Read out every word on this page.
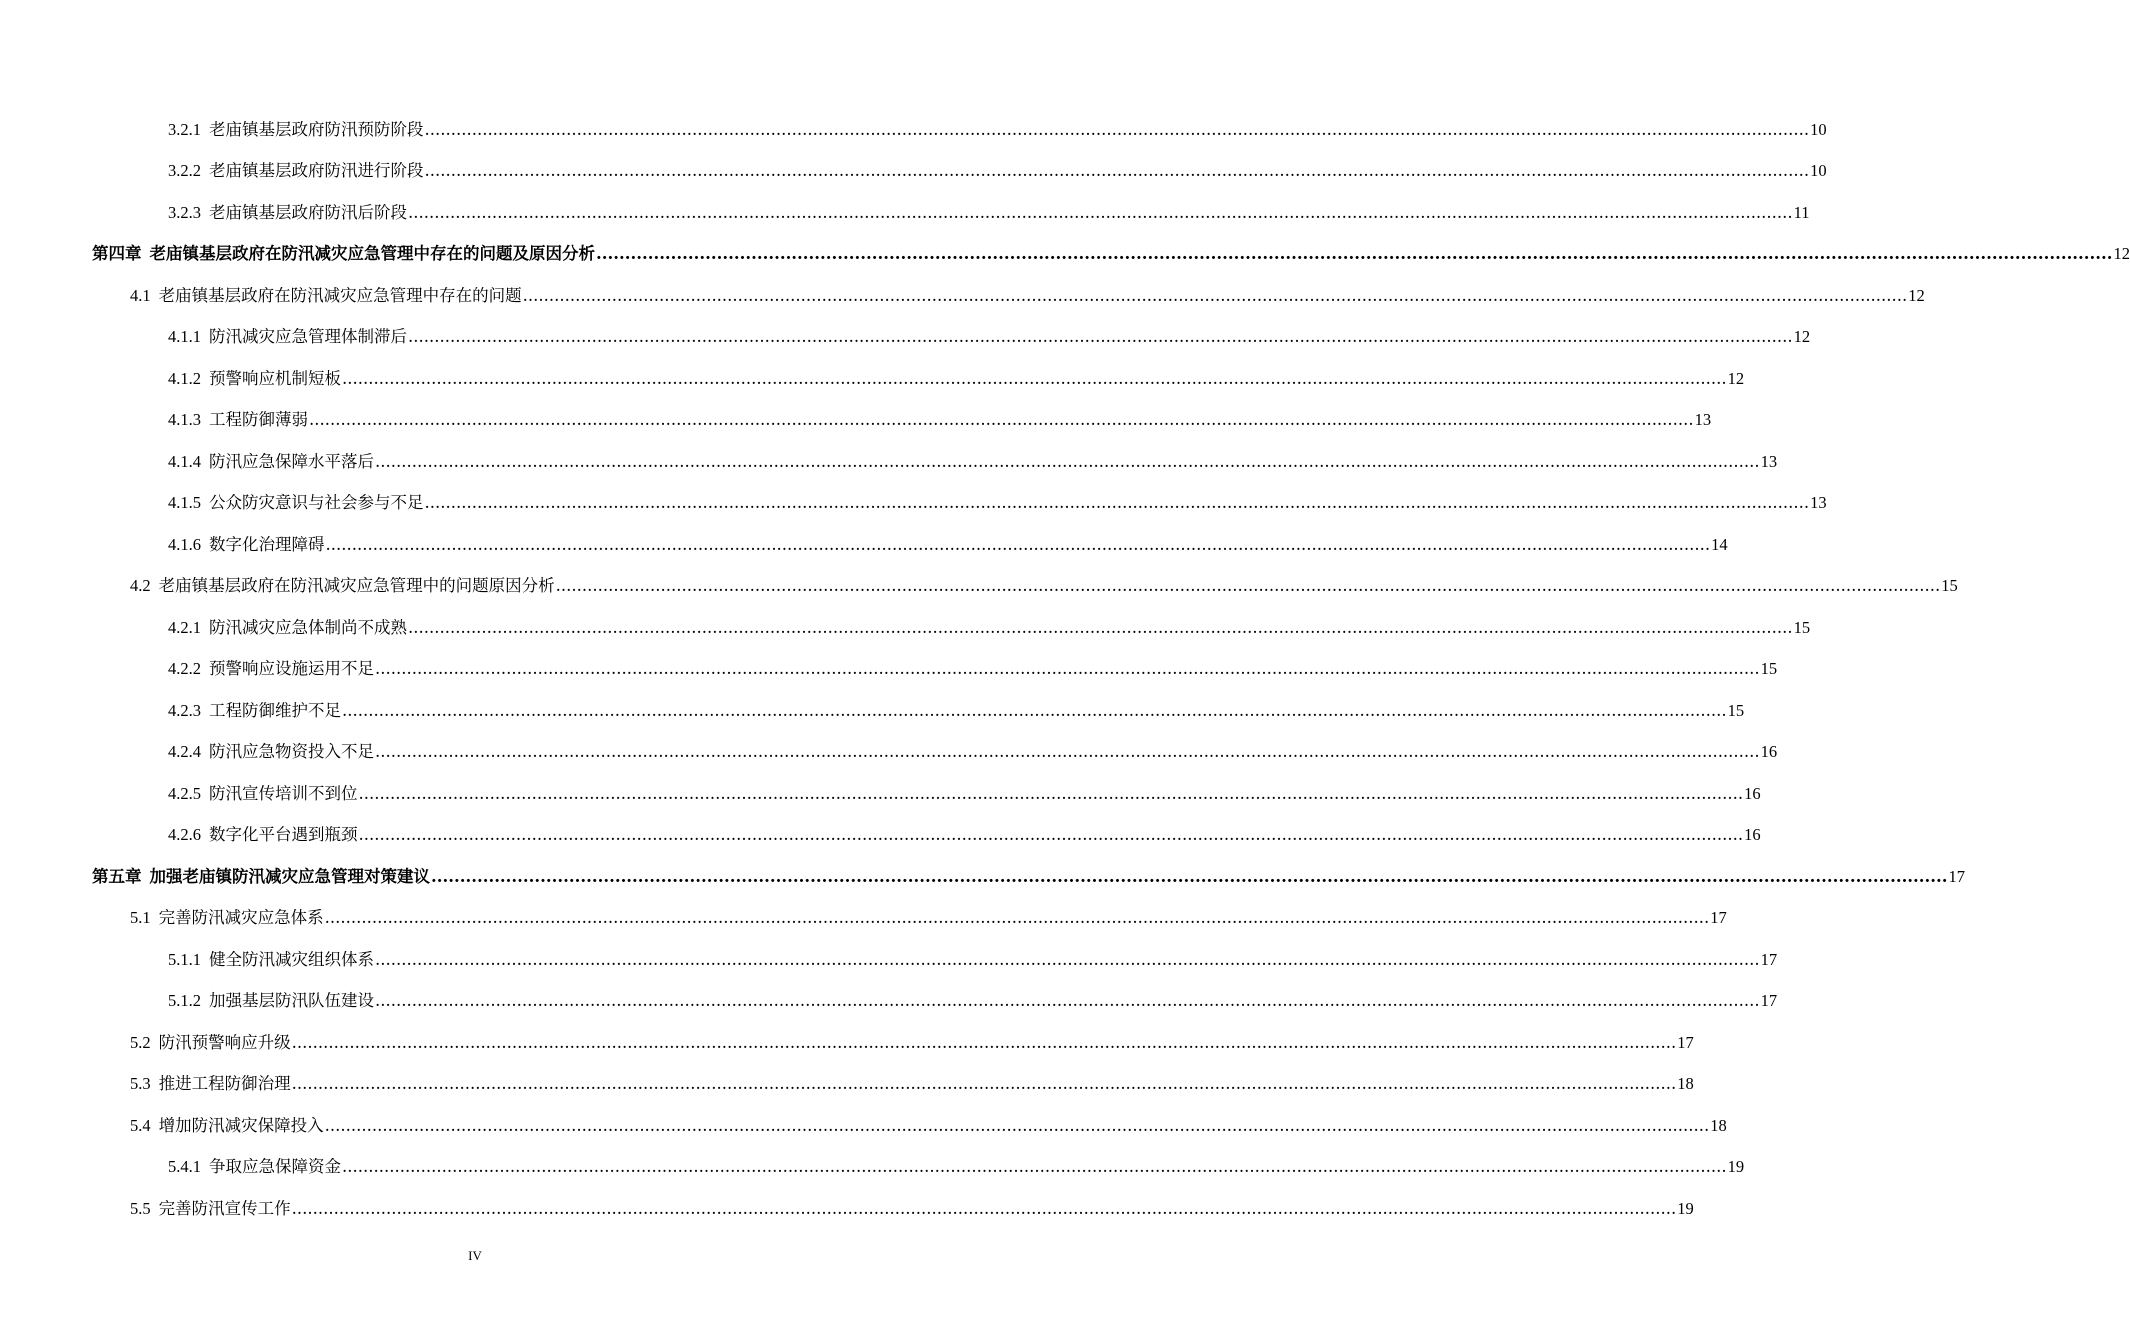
3.2.1 老庙镇基层政府防汛预防阶段 .....	10
3.2.2 老庙镇基层政府防汛进行阶段 .....	10
3.2.3 老庙镇基层政府防汛后阶段 .....	11
第四章 老庙镇基层政府在防汛减灾应急管理中存在的问题及原因分析 .....	12
4.1 老庙镇基层政府在防汛减灾应急管理中存在的问题 .....	12
4.1.1 防汛减灾应急管理体制滞后 .....	12
4.1.2 预警响应机制短板 .....	12
4.1.3 工程防御薄弱 .....	13
4.1.4 防汛应急保障水平落后 .....	13
4.1.5 公众防灾意识与社会参与不足 .....	13
4.1.6 数字化治理障碍 .....	14
4.2 老庙镇基层政府在防汛减灾应急管理中的问题原因分析 .....	15
4.2.1 防汛减灾应急体制尚不成熟 .....	15
4.2.2 预警响应设施运用不足 .....	15
4.2.3 工程防御维护不足 .....	15
4.2.4 防汛应急物资投入不足 .....	16
4.2.5 防汛宣传培训不到位 .....	16
4.2.6 数字化平台遇到瓶颈 .....	16
第五章 加强老庙镇防汛减灾应急管理对策建议 .....	17
5.1 完善防汛减灾应急体系 .....	17
5.1.1 健全防汛减灾组织体系 .....	17
5.1.2 加强基层防汛队伍建设 .....	17
5.2 防汛预警响应升级 .....	17
5.3 推进工程防御治理 .....	18
5.4 增加防汛减灾保障投入 .....	18
5.4.1 争取应急保障资金 .....	19
5.5 完善防汛宣传工作 .....	19
IV
